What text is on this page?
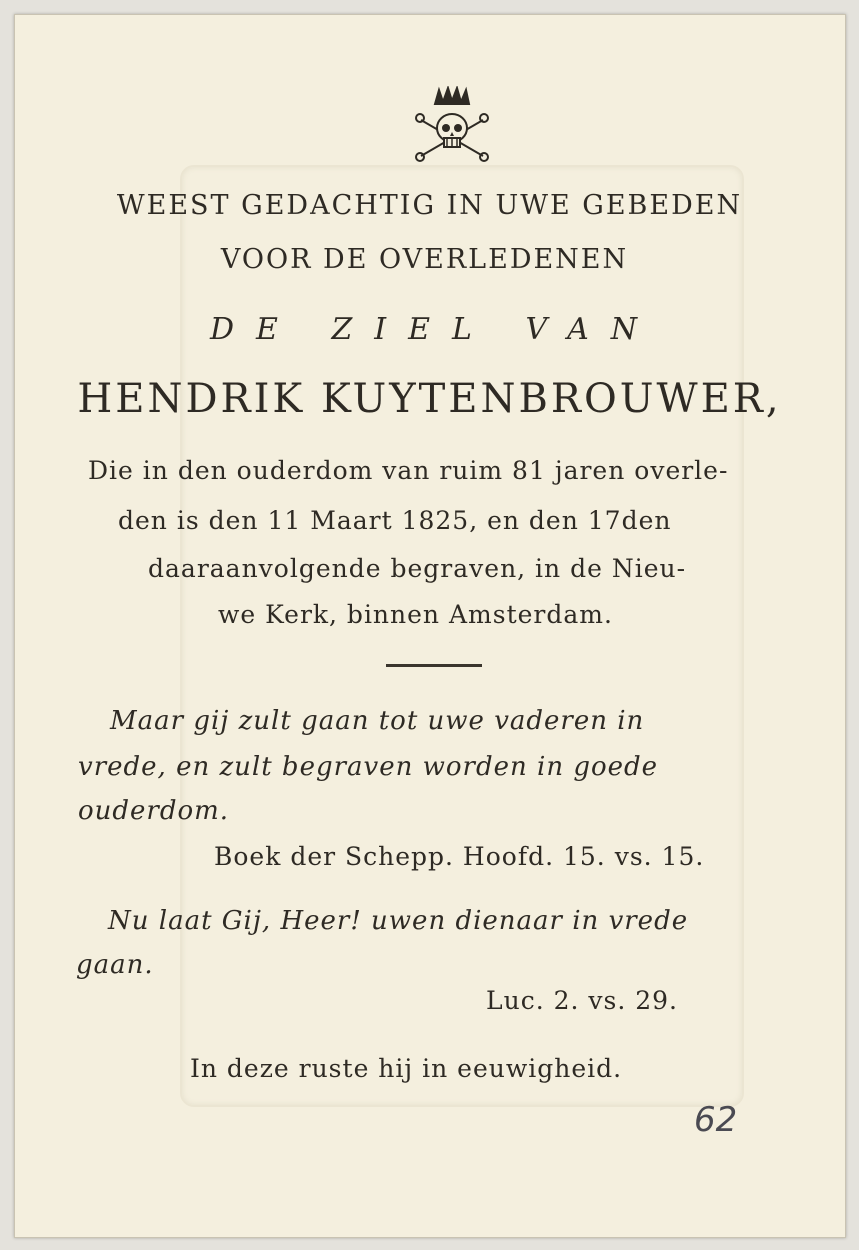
WEEST GEDACHTIG IN UWE GEBEDEN
VOOR DE OVERLEDENEN
DE ZIEL VAN
HENDRIK KUYTENBROUWER,
Die in den ouderdom van ruim 81 jaren overle-
den is den 11 Maart 1825, en den 17den
daaraanvolgende begraven, in de Nieu-
we Kerk, binnen Amsterdam.
Maar gij zult gaan tot uwe vaderen in
vrede, en zult begraven worden in goede
ouderdom.
Boek der Schepp. Hoofd. 15. vs. 15.
Nu laat Gij, Heer! uwen dienaar in vrede
gaan.
Luc. 2. vs. 29.
In deze ruste hij in eeuwigheid.
62
